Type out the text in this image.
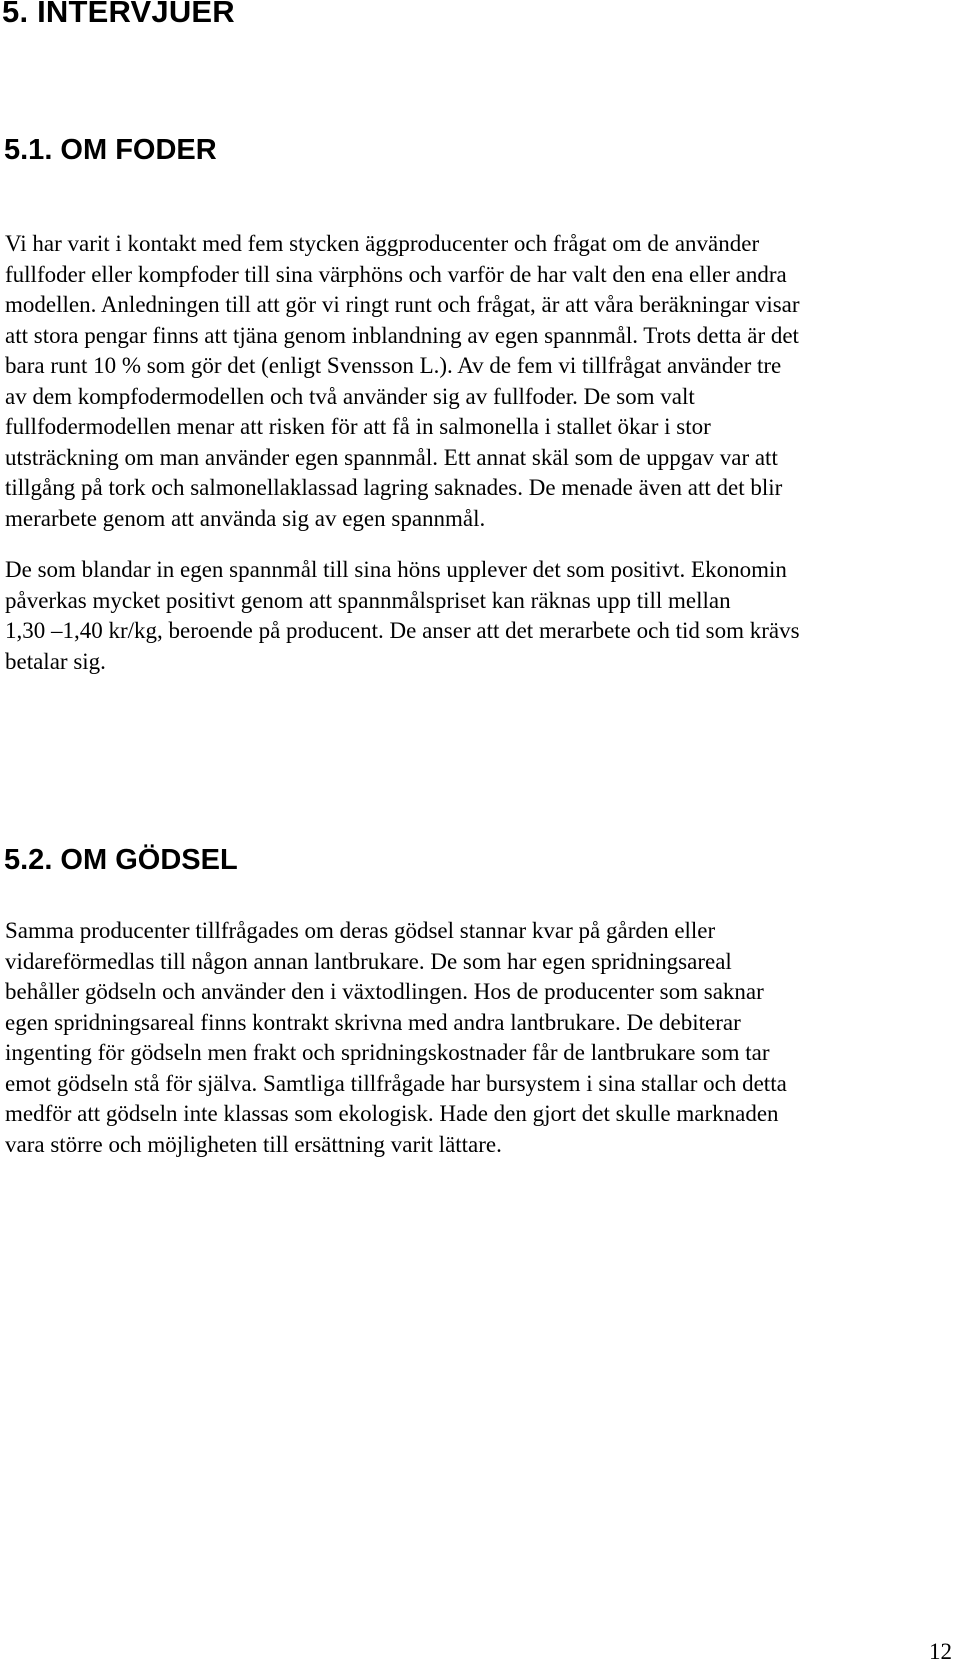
5. INTERVJUER
5.1. OM FODER

Vi har varit i kontakt med fem stycken äggproducenter och frågat om de använder
fullfoder eller kompfoder till sina värphöns och varför de har valt den ena eller andra
modellen. Anledningen till att gör vi ringt runt och frågat, är att våra beräkningar visar
att stora pengar finns att tjäna genom inblandning av egen spannmål. Trots detta är det
bara runt 10 % som gör det (enligt Svensson L.). Av de fem vi tillfrågat använder tre
av dem kompfodermodellen och två använder sig av fullfoder. De som valt
fullfodermodellen menar att risken för att få in salmonella i stallet ökar i stor
utsträckning om man använder egen spannmål. Ett annat skäl som de uppgav var att
tillgång på tork och salmonellaklassad lagring saknades. De menade även att det blir
merarbete genom att använda sig av egen spannmål.

De som blandar in egen spannmål till sina höns upplever det som positivt. Ekonomin
påverkas mycket positivt genom att spannmålspriset kan räknas upp till mellan
1,30 –1,40 kr/kg, beroende på producent. De anser att det merarbete och tid som krävs
betalar sig.

5.2. OM GÖDSEL

Samma producenter tillfrågades om deras gödsel stannar kvar på gården eller
vidareförmedlas till någon annan lantbrukare. De som har egen spridningsareal
behåller gödseln och använder den i växtodlingen. Hos de producenter som saknar
egen spridningsareal finns kontrakt skrivna med andra lantbrukare. De debiterar
ingenting för gödseln men frakt och spridningskostnader får de lantbrukare som tar
emot gödseln stå för själva. Samtliga tillfrågade har bursystem i sina stallar och detta
medför att gödseln inte klassas som ekologisk. Hade den gjort det skulle marknaden
vara större och möjligheten till ersättning varit lättare.

12
